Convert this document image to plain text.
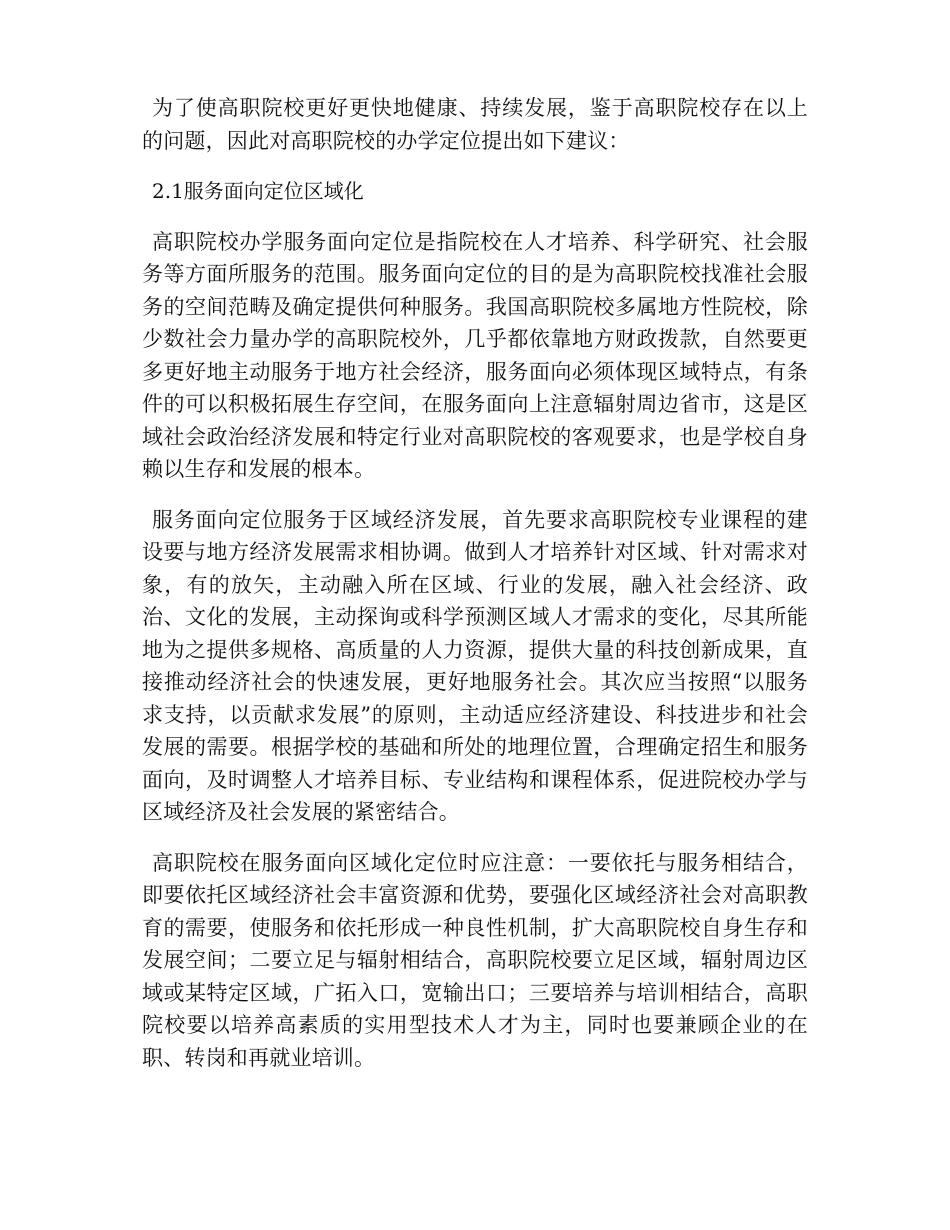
为了使高职院校更好更快地健康、持续发展，鉴于高职院校存在以上的问题，因此对高职院校的办学定位提出如下建议：

2.1服务面向定位区域化

高职院校办学服务面向定位是指院校在人才培养、科学研究、社会服务等方面所服务的范围。服务面向定位的目的是为高职院校找准社会服务的空间范畴及确定提供何种服务。我国高职院校多属地方性院校，除少数社会力量办学的高职院校外，几乎都依靠地方财政拨款，自然要更多更好地主动服务于地方社会经济，服务面向必须体现区域特点，有条件的可以积极拓展生存空间，在服务面向上注意辐射周边省市，这是区域社会政治经济发展和特定行业对高职院校的客观要求，也是学校自身赖以生存和发展的根本。

服务面向定位服务于区域经济发展，首先要求高职院校专业课程的建设要与地方经济发展需求相协调。做到人才培养针对区域、针对需求对象，有的放矢，主动融入所在区域、行业的发展，融入社会经济、政治、文化的发展，主动探询或科学预测区域人才需求的变化，尽其所能地为之提供多规格、高质量的人力资源，提供大量的科技创新成果，直接推动经济社会的快速发展，更好地服务社会。其次应当按照“以服务求支持，以贡献求发展”的原则，主动适应经济建设、科技进步和社会发展的需要。根据学校的基础和所处的地理位置，合理确定招生和服务面向，及时调整人才培养目标、专业结构和课程体系，促进院校办学与区域经济及社会发展的紧密结合。

高职院校在服务面向区域化定位时应注意：一要依托与服务相结合，即要依托区域经济社会丰富资源和优势，要强化区域经济社会对高职教育的需要，使服务和依托形成一种良性机制，扩大高职院校自身生存和发展空间；二要立足与辐射相结合，高职院校要立足区域，辐射周边区域或某特定区域，广拓入口，宽输出口；三要培养与培训相结合，高职院校要以培养高素质的实用型技术人才为主，同时也要兼顾企业的在职、转岗和再就业培训。
